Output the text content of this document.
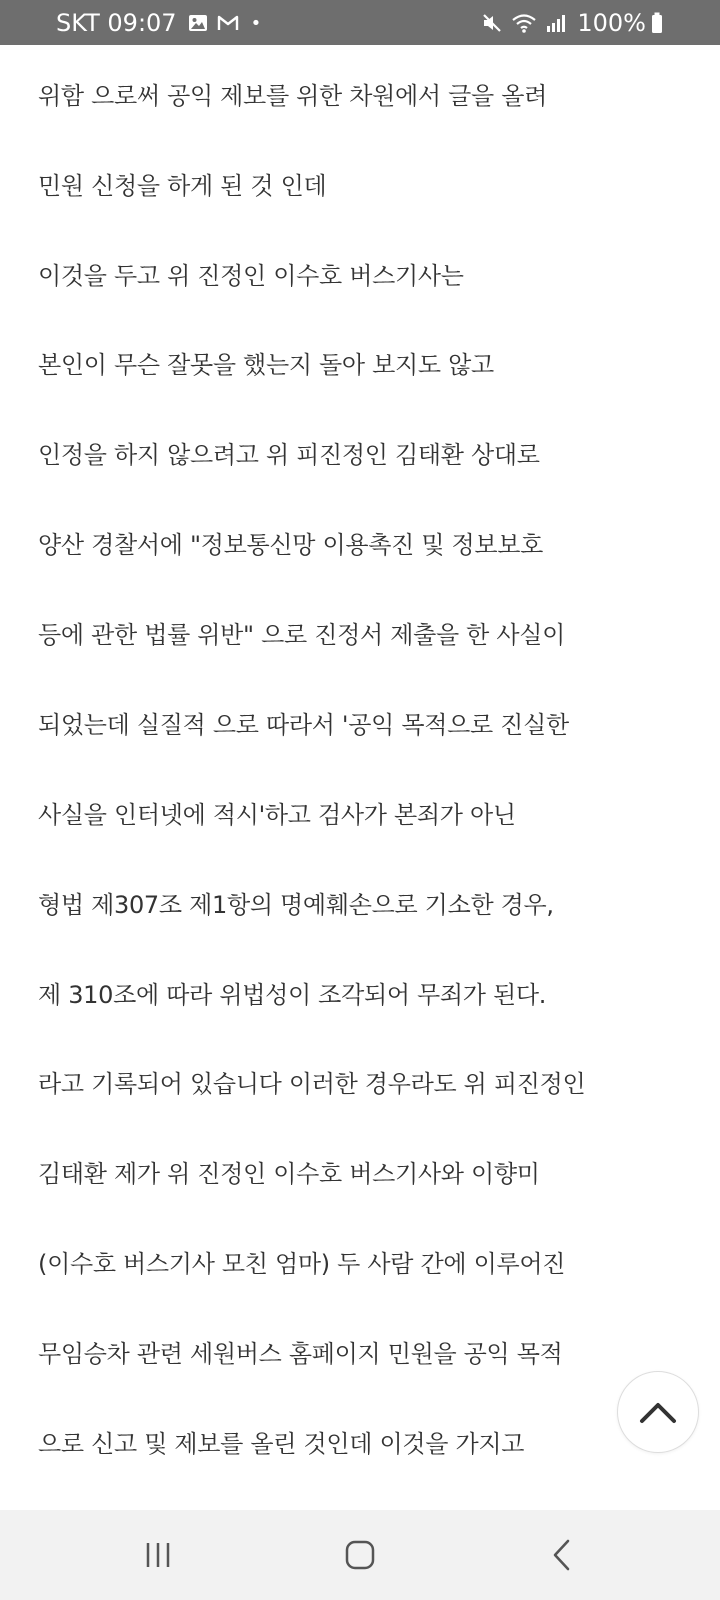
SKT 09:07	•	100%
위함 으로써 공익 제보를 위한 차원에서 글을 올려
민원 신청을 하게 된 것 인데
이것을 두고 위 진정인 이수호 버스기사는
본인이 무슨 잘못을 했는지 돌아 보지도 않고
인정을 하지 않으려고 위 피진정인 김태환 상대로
양산 경찰서에 "정보통신망 이용촉진 및 정보보호
등에 관한 법률 위반" 으로 진정서 제출을 한 사실이
되었는데 실질적 으로 따라서 '공익 목적으로 진실한
사실을 인터넷에 적시'하고 검사가 본죄가 아닌
형법 제307조 제1항의 명예훼손으로 기소한 경우,
제 310조에 따라 위법성이 조각되어 무죄가 된다.
라고 기록되어 있습니다 이러한 경우라도 위 피진정인
김태환 제가 위 진정인 이수호 버스기사와 이향미
(이수호 버스기사 모친 엄마) 두 사람 간에 이루어진
무임승차 관련 세원버스 홈페이지 민원을 공익 목적
으로 신고 및 제보를 올린 것인데 이것을 가지고
